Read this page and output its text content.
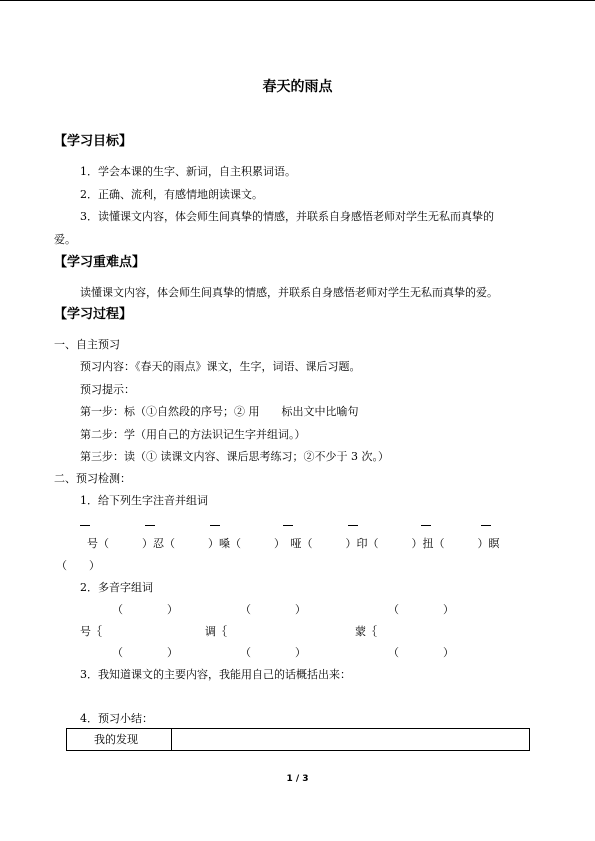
春天的雨点
【学习目标】
1．学会本课的生字、新词，自主积累词语。
2．正确、流利，有感情地朗读课文。
3．读懂课文内容，体会师生间真挚的情感，并联系自身感悟老师对学生无私而真挚的
爱。
【学习重难点】
读懂课文内容，体会师生间真挚的情感，并联系自身感悟老师对学生无私而真挚的爱。
【学习过程】
一、自主预习
预习内容：《春天的雨点》课文，生字，词语、课后习题。
预习提示：
第一步：标（①自然段的序号；② 用　　标出文中比喻句
第二步：学（用自己的方法识记生字并组词。）
第三步：读（① 读课文内容、课后思考练习；②不少于 3 次。）
二、预习检测：
1．给下列生字注音并组词
号（　　　）忍（　　　）嗓（　　　）　哑（　　　）印（　　　）扭（　　　）瞑
（　　）
2．多音字组词
（　　　　）	（　　　　）	（　　　　）
号｛	调｛	蒙｛
（　　　　）	（　　　　）	（　　　　）
3．我知道课文的主要内容，我能用自己的话概括出来：
4．预习小结：
我的发现
1 / 3
